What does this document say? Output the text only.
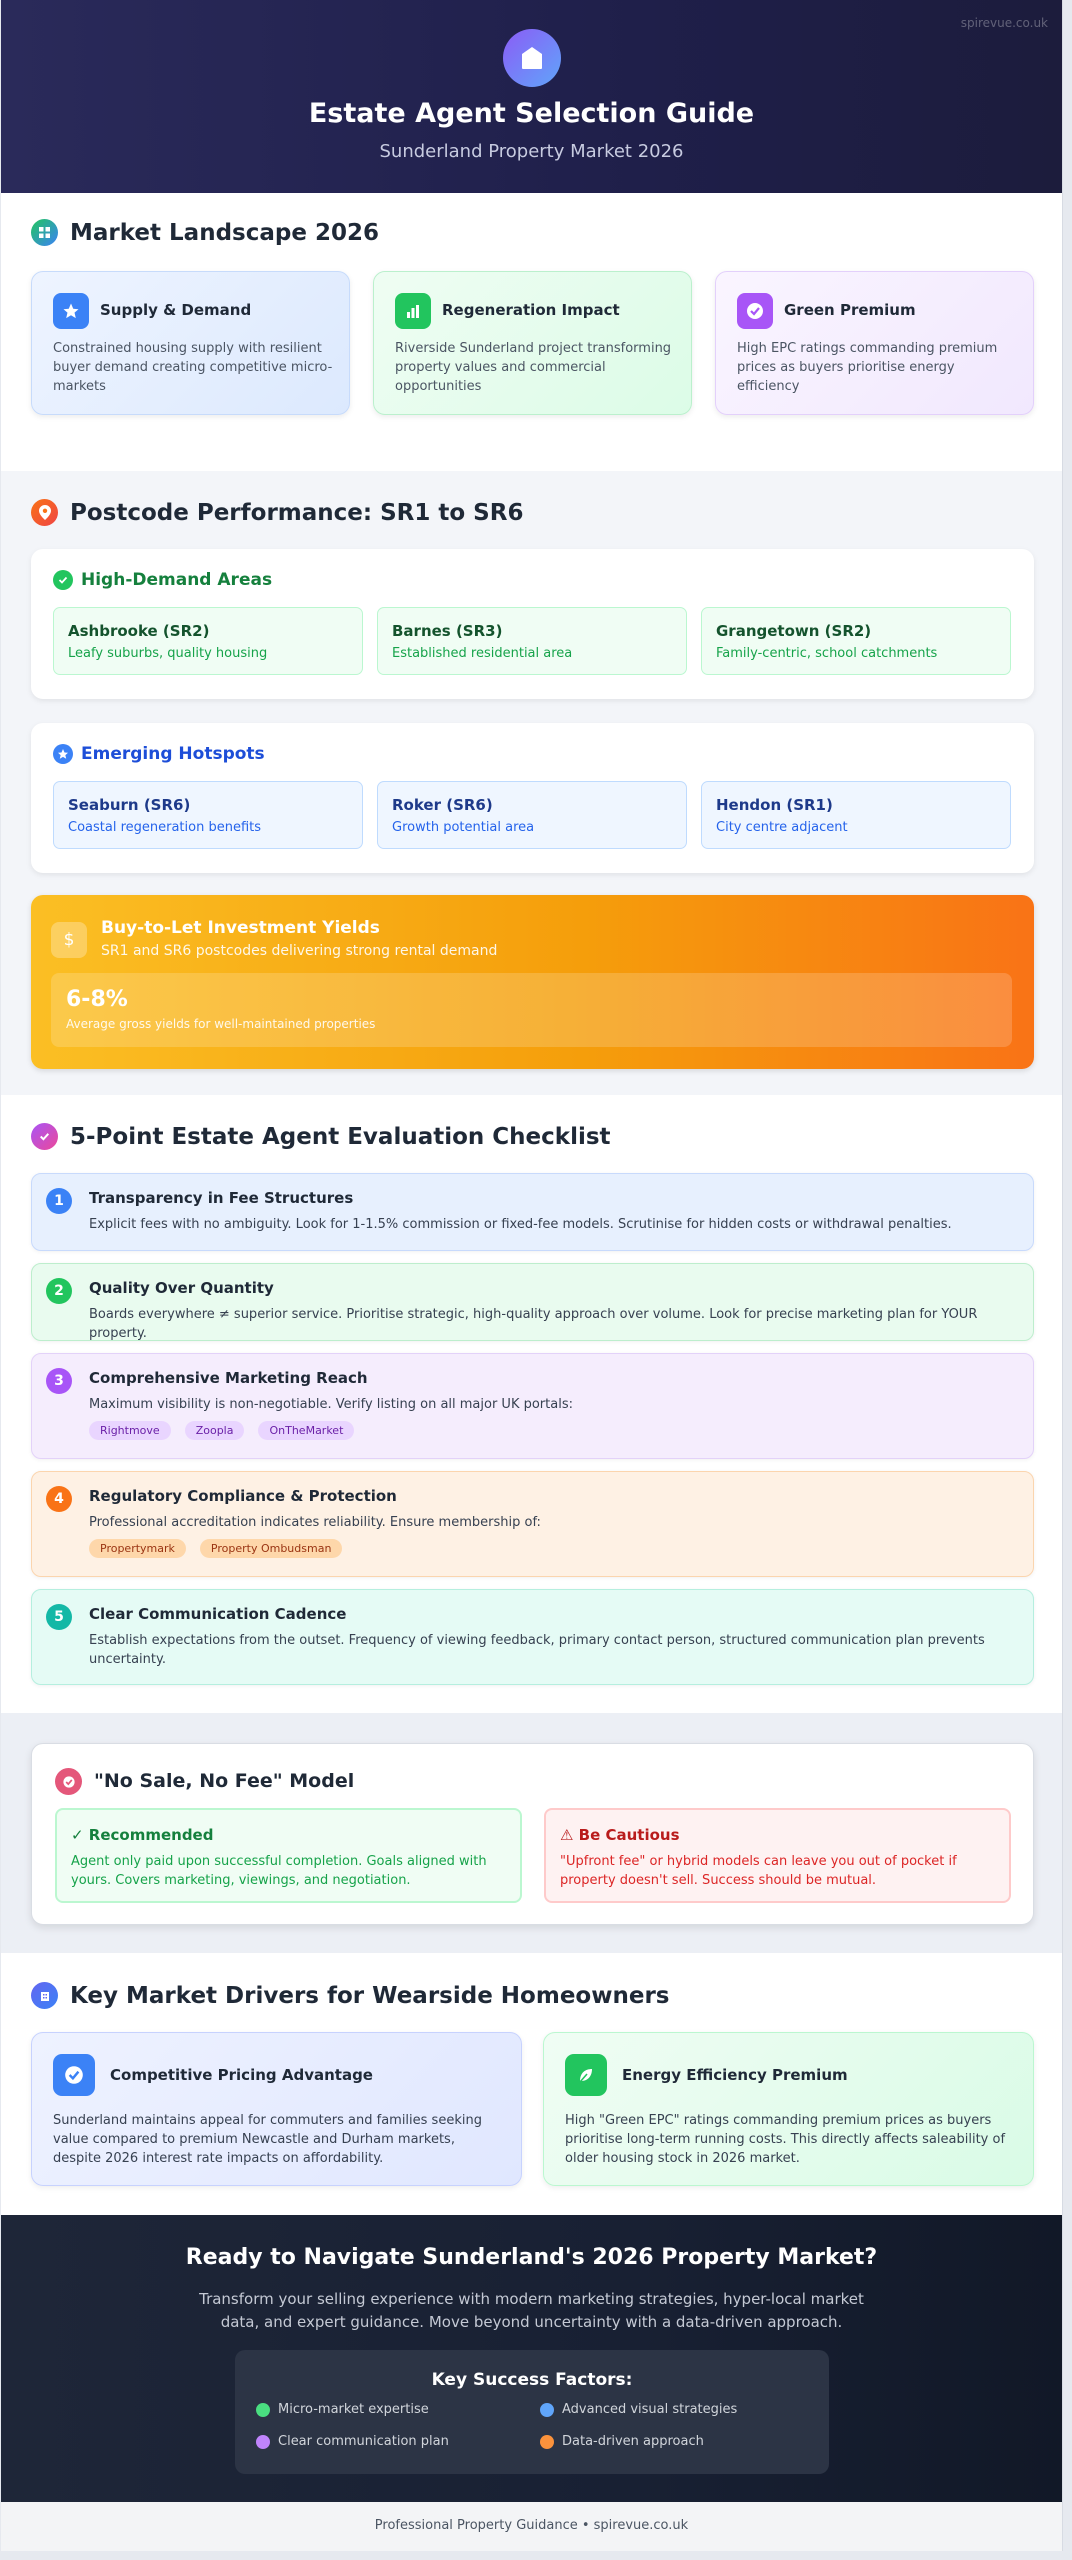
spirevue.co.uk
Estate Agent Selection Guide
Sunderland Property Market 2026
Market Landscape 2026
Supply & Demand
Constrained housing supply with resilient buyer demand creating competitive micro-markets
Regeneration Impact
Riverside Sunderland project transforming property values and commercial opportunities
Green Premium
High EPC ratings commanding premium prices as buyers prioritise energy efficiency
Postcode Performance: SR1 to SR6
High-Demand Areas
Ashbrooke (SR2)
Leafy suburbs, quality housing
Barnes (SR3)
Established residential area
Grangetown (SR2)
Family-centric, school catchments
Emerging Hotspots
Seaburn (SR6)
Coastal regeneration benefits
Roker (SR6)
Growth potential area
Hendon (SR1)
City centre adjacent
$
Buy-to-Let Investment Yields
SR1 and SR6 postcodes delivering strong rental demand
6-8%
Average gross yields for well-maintained properties
5-Point Estate Agent Evaluation Checklist
1	Transparency in Fee Structures
Explicit fees with no ambiguity. Look for 1-1.5% commission or fixed-fee models. Scrutinise for hidden costs or withdrawal penalties.
2	Quality Over Quantity
Boards everywhere ≠ superior service. Prioritise strategic, high-quality approach over volume. Look for precise marketing plan for YOUR property.
3	Comprehensive Marketing Reach
Maximum visibility is non-negotiable. Verify listing on all major UK portals:
Rightmove	Zoopla	OnTheMarket
4	Regulatory Compliance & Protection
Professional accreditation indicates reliability. Ensure membership of:
Propertymark	Property Ombudsman
5	Clear Communication Cadence
Establish expectations from the outset. Frequency of viewing feedback, primary contact person, structured communication plan prevents uncertainty.
"No Sale, No Fee" Model
✓ Recommended
Agent only paid upon successful completion. Goals aligned with yours. Covers marketing, viewings, and negotiation.
⚠ Be Cautious
"Upfront fee" or hybrid models can leave you out of pocket if property doesn't sell. Success should be mutual.
Key Market Drivers for Wearside Homeowners
Competitive Pricing Advantage
Sunderland maintains appeal for commuters and families seeking value compared to premium Newcastle and Durham markets, despite 2026 interest rate impacts on affordability.
Energy Efficiency Premium
High "Green EPC" ratings commanding premium prices as buyers prioritise long-term running costs. This directly affects saleability of older housing stock in 2026 market.
Ready to Navigate Sunderland's 2026 Property Market?
Transform your selling experience with modern marketing strategies, hyper-local market data, and expert guidance. Move beyond uncertainty with a data-driven approach.
Key Success Factors:
Micro-market expertise	Advanced visual strategies
Clear communication plan	Data-driven approach
Professional Property Guidance • spirevue.co.uk
